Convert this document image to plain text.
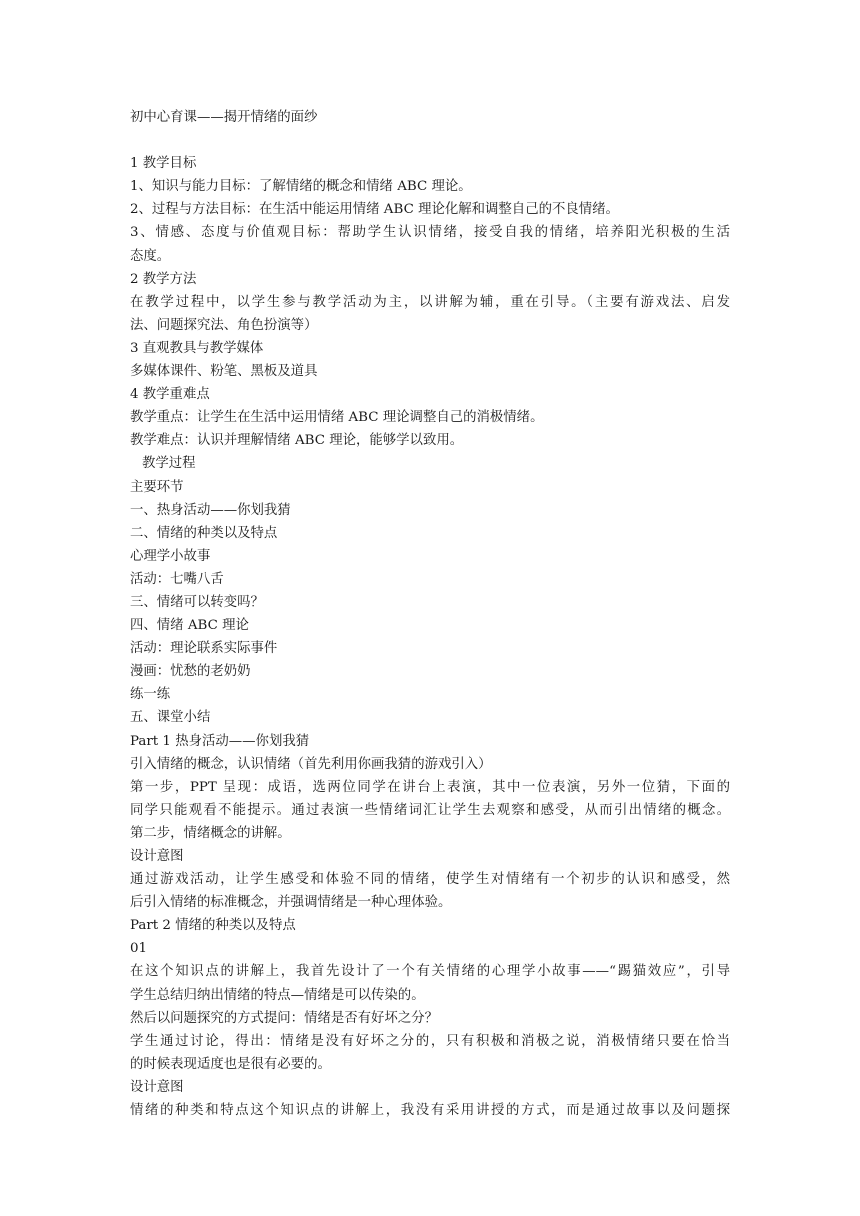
初中心育课——揭开情绪的面纱
1 教学目标
1、知识与能力目标：了解情绪的概念和情绪 ABC 理论。
2、过程与方法目标：在生活中能运用情绪 ABC 理论化解和调整自己的不良情绪。
3、情感、态度与价值观目标：帮助学生认识情绪，接受自我的情绪，培养阳光积极的生活
态度。
2 教学方法
在教学过程中，以学生参与教学活动为主，以讲解为辅，重在引导。（主要有游戏法、启发
法、问题探究法、角色扮演等）
3 直观教具与教学媒体
多媒体课件、粉笔、黑板及道具
4 教学重难点
教学重点：让学生在生活中运用情绪 ABC 理论调整自己的消极情绪。
教学难点：认识并理解情绪 ABC 理论，能够学以致用。
教学过程
主要环节
一、热身活动——你划我猜
二、情绪的种类以及特点
心理学小故事
活动：七嘴八舌
三、情绪可以转变吗？
四、情绪 ABC 理论
活动：理论联系实际事件
漫画：忧愁的老奶奶
练一练
五、课堂小结
Part 1 热身活动——你划我猜
引入情绪的概念，认识情绪（首先利用你画我猜的游戏引入）
第一步，PPT 呈现：成语，选两位同学在讲台上表演，其中一位表演，另外一位猜，下面的
同学只能观看不能提示。通过表演一些情绪词汇让学生去观察和感受，从而引出情绪的概念。
第二步，情绪概念的讲解。
设计意图
通过游戏活动，让学生感受和体验不同的情绪，使学生对情绪有一个初步的认识和感受，然
后引入情绪的标准概念，并强调情绪是一种心理体验。
Part 2 情绪的种类以及特点
01
在这个知识点的讲解上，我首先设计了一个有关情绪的心理学小故事——“踢猫效应”，引导
学生总结归纳出情绪的特点—情绪是可以传染的。
然后以问题探究的方式提问：情绪是否有好坏之分？
学生通过讨论，得出：情绪是没有好坏之分的，只有积极和消极之说，消极情绪只要在恰当
的时候表现适度也是很有必要的。
设计意图
情绪的种类和特点这个知识点的讲解上，我没有采用讲授的方式，而是通过故事以及问题探
